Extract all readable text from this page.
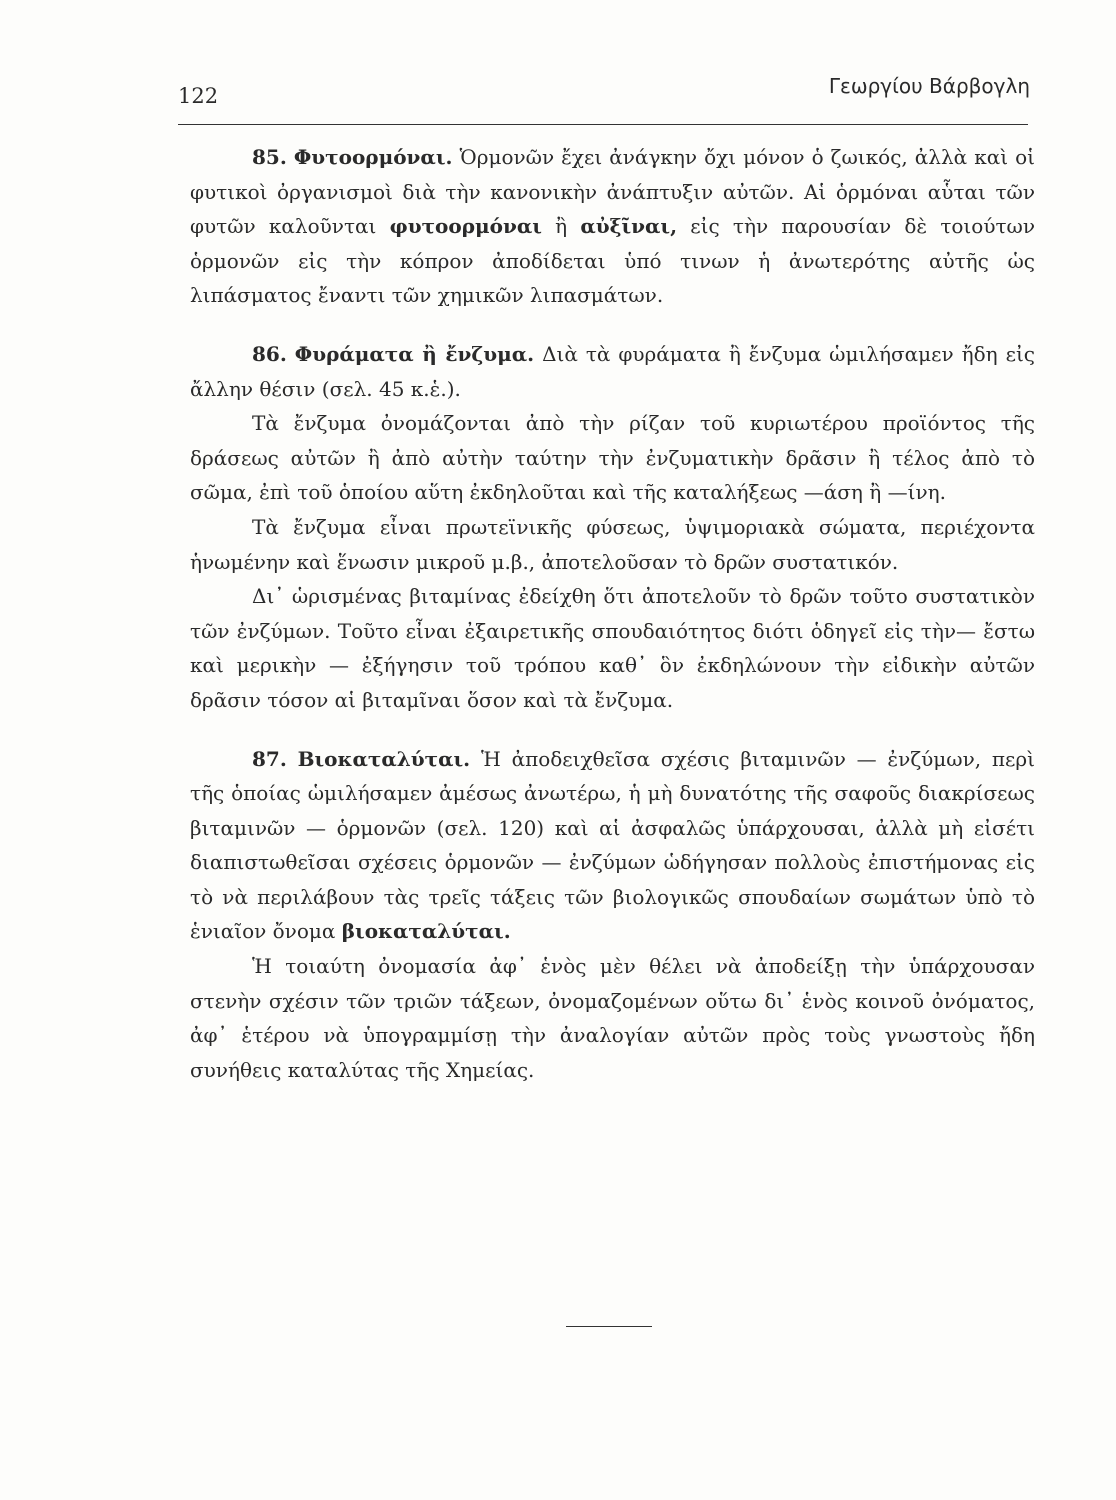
122	Γεωργίου Βάρβογλη

85. Φυτοορμόναι. Ὁρμονῶν ἔχει ἀνάγκην ὄχι μόνον ὁ ζωικός, ἀλλὰ καὶ οἱ φυτικοὶ ὀργανισμοὶ διὰ τὴν κανονικὴν ἀνάπτυξιν αὐτῶν. Αἱ ὁρμόναι αὗται τῶν φυτῶν καλοῦνται φυτοορμόναι ἢ αὐξῖναι, εἰς τὴν παρουσίαν δὲ τοιούτων ὁρμονῶν εἰς τὴν κόπρον ἀποδίδεται ὑπό τινων ἡ ἀνωτερότης αὐτῆς ὡς λιπάσματος ἔναντι τῶν χημικῶν λιπασμάτων.

86. Φυράματα ἢ ἔνζυμα. Διὰ τὰ φυράματα ἢ ἔνζυμα ὡμιλήσαμεν ἤδη εἰς ἄλλην θέσιν (σελ. 45 κ.ἑ.).

Τὰ ἔνζυμα ὀνομάζονται ἀπὸ τὴν ρίζαν τοῦ κυριωτέρου προϊόντος τῆς δράσεως αὐτῶν ἢ ἀπὸ αὐτὴν ταύτην τὴν ἐνζυματικὴν δρᾶσιν ἢ τέλος ἀπὸ τὸ σῶμα, ἐπὶ τοῦ ὁποίου αὕτη ἐκδηλοῦται καὶ τῆς καταλήξεως —άση ἢ —ίνη.

Τὰ ἔνζυμα εἶναι πρωτεϊνικῆς φύσεως, ὑψιμοριακὰ σώματα, περιέχοντα ἡνωμένην καὶ ἕνωσιν μικροῦ μ.β., ἀποτελοῦσαν τὸ δρῶν συστατικόν.

Δι᾿ ὡρισμένας βιταμίνας ἐδείχθη ὅτι ἀποτελοῦν τὸ δρῶν τοῦτο συστατικὸν τῶν ἐνζύμων. Τοῦτο εἶναι ἐξαιρετικῆς σπουδαιότητος διότι ὁδηγεῖ εἰς τὴν— ἔστω καὶ μερικὴν — ἐξήγησιν τοῦ τρόπου καθ᾿ ὃν ἐκδηλώνουν τὴν εἰδικὴν αὐτῶν δρᾶσιν τόσον αἱ βιταμῖναι ὅσον καὶ τὰ ἔνζυμα.

87. Βιοκαταλύται. Ἡ ἀποδειχθεῖσα σχέσις βιταμινῶν — ἐνζύμων, περὶ τῆς ὁποίας ὡμιλήσαμεν ἀμέσως ἀνωτέρω, ἡ μὴ δυνατότης τῆς σαφοῦς διακρίσεως βιταμινῶν — ὁρμονῶν (σελ. 120) καὶ αἱ ἀσφαλῶς ὑπάρχουσαι, ἀλλὰ μὴ εἰσέτι διαπιστωθεῖσαι σχέσεις ὁρμονῶν — ἐνζύμων ὡδήγησαν πολλοὺς ἐπιστήμονας εἰς τὸ νὰ περιλάβουν τὰς τρεῖς τάξεις τῶν βιολογικῶς σπουδαίων σωμάτων ὑπὸ τὸ ἑνιαῖον ὄνομα βιοκαταλύται.

Ἡ τοιαύτη ὀνομασία ἀφ᾿ ἑνὸς μὲν θέλει νὰ ἀποδείξῃ τὴν ὑπάρχουσαν στενὴν σχέσιν τῶν τριῶν τάξεων, ὀνομαζομένων οὕτω δι᾿ ἑνὸς κοινοῦ ὀνόματος, ἀφ᾿ ἑτέρου νὰ ὑπογραμμίσῃ τὴν ἀναλογίαν αὐτῶν πρὸς τοὺς γνωστοὺς ἤδη συνήθεις καταλύτας τῆς Χημείας.
